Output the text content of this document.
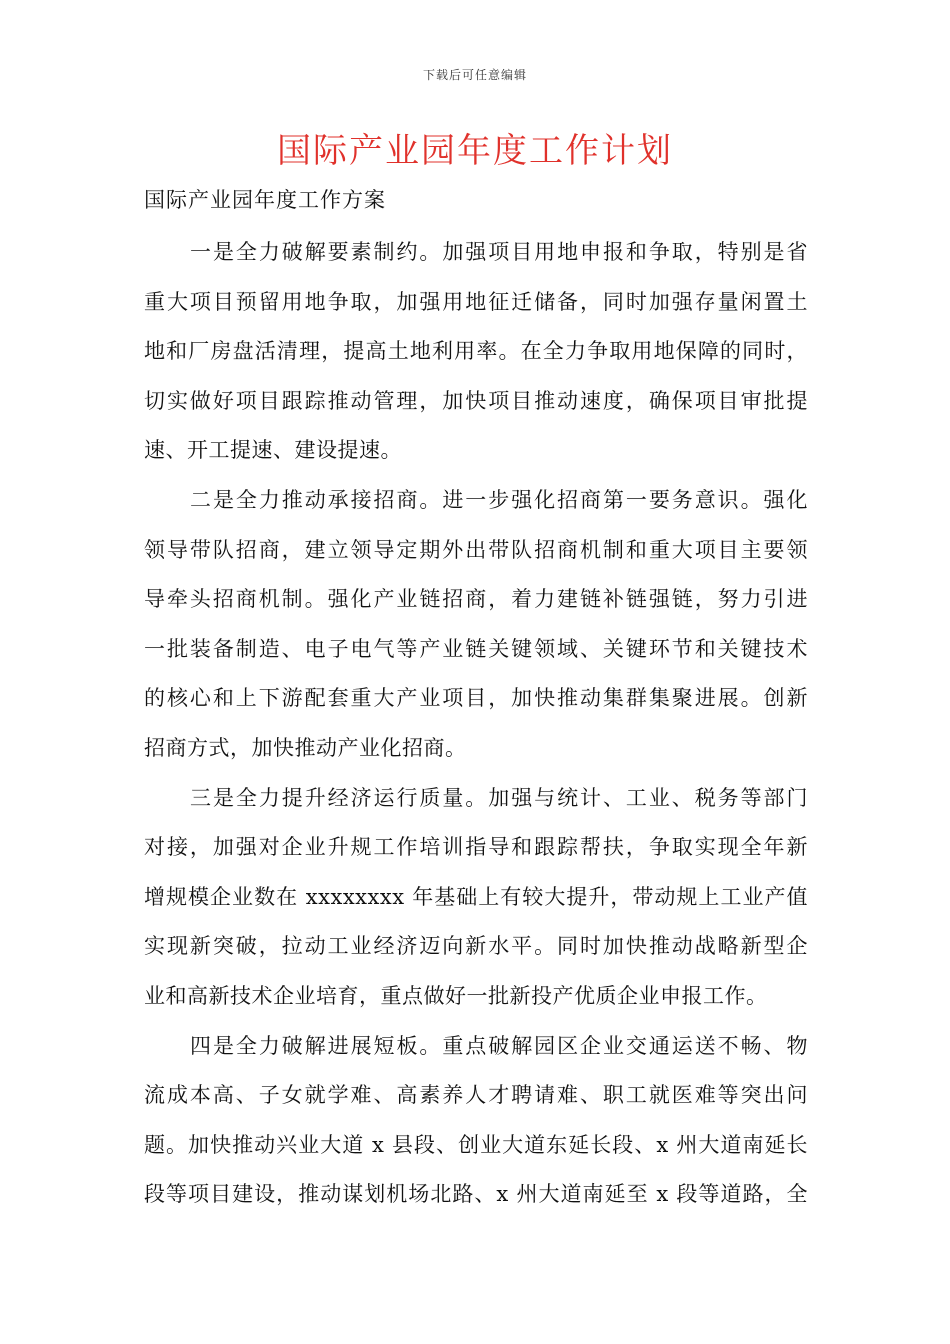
下载后可任意编辑
国际产业园年度工作计划
国际产业园年度工作方案
一是全力破解要素制约。加强项目用地申报和争取，特别是省
重大项目预留用地争取，加强用地征迁储备，同时加强存量闲置土
地和厂房盘活清理，提高土地利用率。在全力争取用地保障的同时，
切实做好项目跟踪推动管理，加快项目推动速度，确保项目审批提
速、开工提速、建设提速。
二是全力推动承接招商。进一步强化招商第一要务意识。强化
领导带队招商，建立领导定期外出带队招商机制和重大项目主要领
导牵头招商机制。强化产业链招商，着力建链补链强链，努力引进
一批装备制造、电子电气等产业链关键领域、关键环节和关键技术
的核心和上下游配套重大产业项目，加快推动集群集聚进展。创新
招商方式，加快推动产业化招商。
三是全力提升经济运行质量。加强与统计、工业、税务等部门
对接，加强对企业升规工作培训指导和跟踪帮扶，争取实现全年新
增规模企业数在 xxxxxxxx 年基础上有较大提升，带动规上工业产值
实现新突破，拉动工业经济迈向新水平。同时加快推动战略新型企
业和高新技术企业培育，重点做好一批新投产优质企业申报工作。
四是全力破解进展短板。重点破解园区企业交通运送不畅、物
流成本高、子女就学难、高素养人才聘请难、职工就医难等突出问
题。加快推动兴业大道 x 县段、创业大道东延长段、x 州大道南延长
段等项目建设，推动谋划机场北路、x 州大道南延至 x 段等道路，全
